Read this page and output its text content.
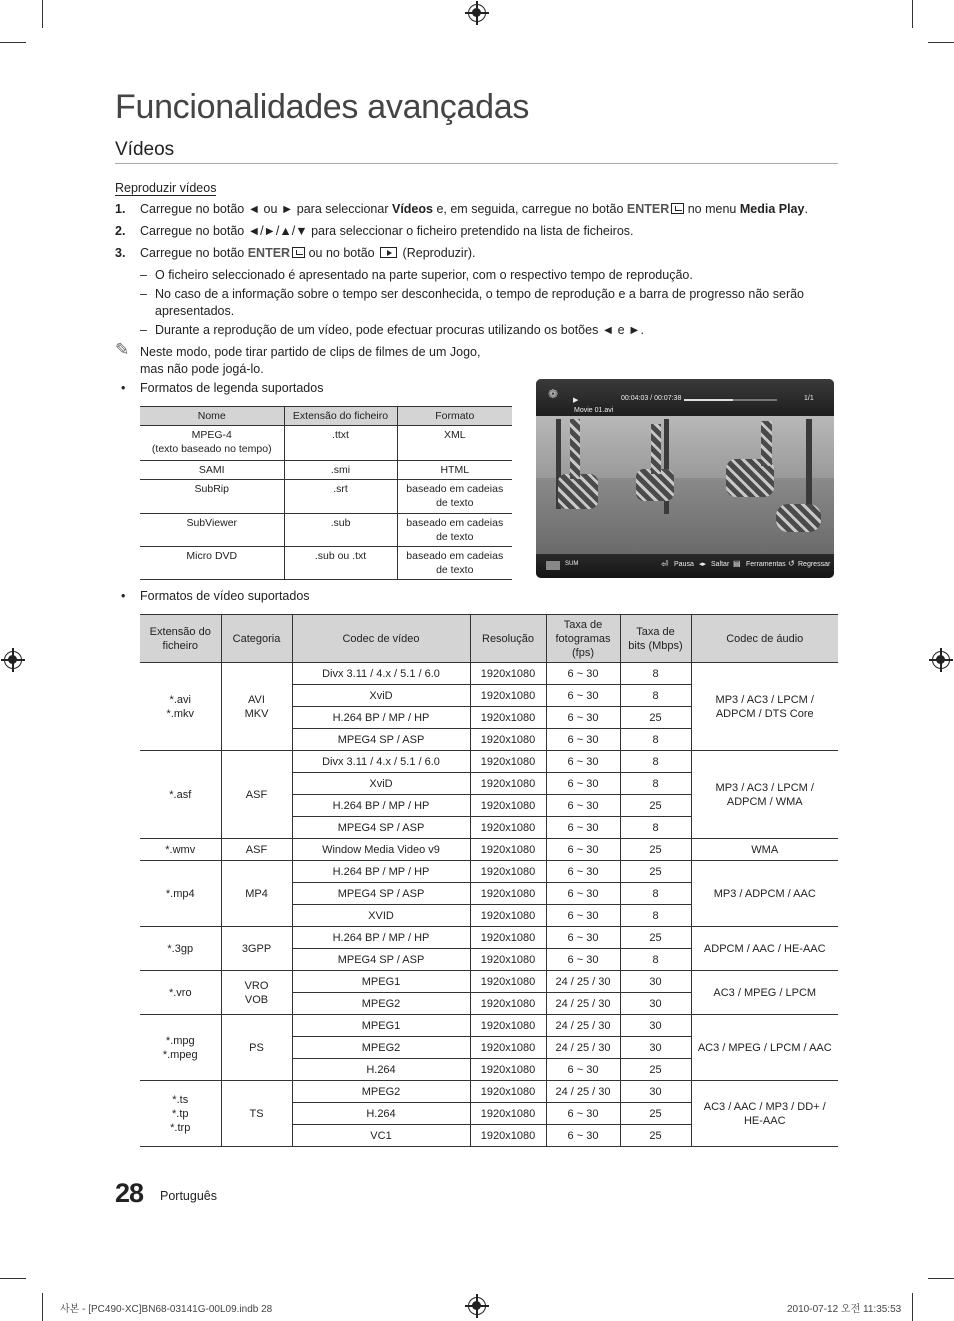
Funcionalidades avançadas
Vídeos
Reproduzir vídeos
1. Carregue no botão ◄ ou ► para seleccionar Vídeos e, em seguida, carregue no botão ENTER no menu Media Play.
2. Carregue no botão ◄/►/▲/▼ para seleccionar o ficheiro pretendido na lista de ficheiros.
3. Carregue no botão ENTER ou no botão  (Reproduzir).
– O ficheiro seleccionado é apresentado na parte superior, com o respectivo tempo de reprodução.
– No caso de a informação sobre o tempo ser desconhecida, o tempo de reprodução e a barra de progresso não serão
apresentados.
– Durante a reprodução de um vídeo, pode efectuar procuras utilizando os botões ◄ e ►.
✎ Neste modo, pode tirar partido de clips de filmes de um Jogo,
mas não pode jogá-lo.
• Formatos de legenda suportados
Nome	Extensão do ficheiro	Formato
MPEG-4
(texto baseado no tempo)	.ttxt	XML
SAMI	.smi	HTML
SubRip	.srt	baseado em cadeias
de texto
SubViewer	.sub	baseado em cadeias
de texto
Micro DVD	.sub ou .txt	baseado em cadeias
de texto
❁ ▶	00:04:03 / 00:07:38	1/1
Movie 01.avi
SUM	⏎ Pausa ◂▸ Saltar ▤ Ferramentas ↺ Regressar
• Formatos de vídeo suportados
Extensão do
ficheiro	Categoria	Codec de vídeo	Resolução	Taxa de
fotogramas
(fps)	Taxa de
bits (Mbps)	Codec de áudio
*.avi
*.mkv	AVI
MKV	Divx 3.11 / 4.x / 5.1 / 6.0	1920x1080	6 ~ 30	8	MP3 / AC3 / LPCM /
ADPCM / DTS Core
		XviD	1920x1080	6 ~ 30	8	
		H.264 BP / MP / HP	1920x1080	6 ~ 30	25	
		MPEG4 SP / ASP	1920x1080	6 ~ 30	8	
*.asf	ASF	Divx 3.11 / 4.x / 5.1 / 6.0	1920x1080	6 ~ 30	8	MP3 / AC3 / LPCM /
ADPCM / WMA
		XviD	1920x1080	6 ~ 30	8	
		H.264 BP / MP / HP	1920x1080	6 ~ 30	25	
		MPEG4 SP / ASP	1920x1080	6 ~ 30	8	
*.wmv	ASF	Window Media Video v9	1920x1080	6 ~ 30	25	WMA
*.mp4	MP4	H.264 BP / MP / HP	1920x1080	6 ~ 30	25	MP3 / ADPCM / AAC
		MPEG4 SP / ASP	1920x1080	6 ~ 30	8	
		XVID	1920x1080	6 ~ 30	8	
*.3gp	3GPP	H.264 BP / MP / HP	1920x1080	6 ~ 30	25	ADPCM / AAC / HE-AAC
		MPEG4 SP / ASP	1920x1080	6 ~ 30	8	
*.vro	VRO
VOB	MPEG1	1920x1080	24 / 25 / 30	30	AC3 / MPEG / LPCM
		MPEG2	1920x1080	24 / 25 / 30	30	
*.mpg
*.mpeg	PS	MPEG1	1920x1080	24 / 25 / 30	30	AC3 / MPEG / LPCM / AAC
		MPEG2	1920x1080	24 / 25 / 30	30	
		H.264	1920x1080	6 ~ 30	25	
*.ts
*.tp
*.trp	TS	MPEG2	1920x1080	24 / 25 / 30	30	AC3 / AAC / MP3 / DD+ /
HE-AAC
		H.264	1920x1080	6 ~ 30	25	
		VC1	1920x1080	6 ~ 30	25	
28 Português
사본 - [PC490-XC]BN68-03141G-00L09.indb 28	2010-07-12 오전 11:35:53
